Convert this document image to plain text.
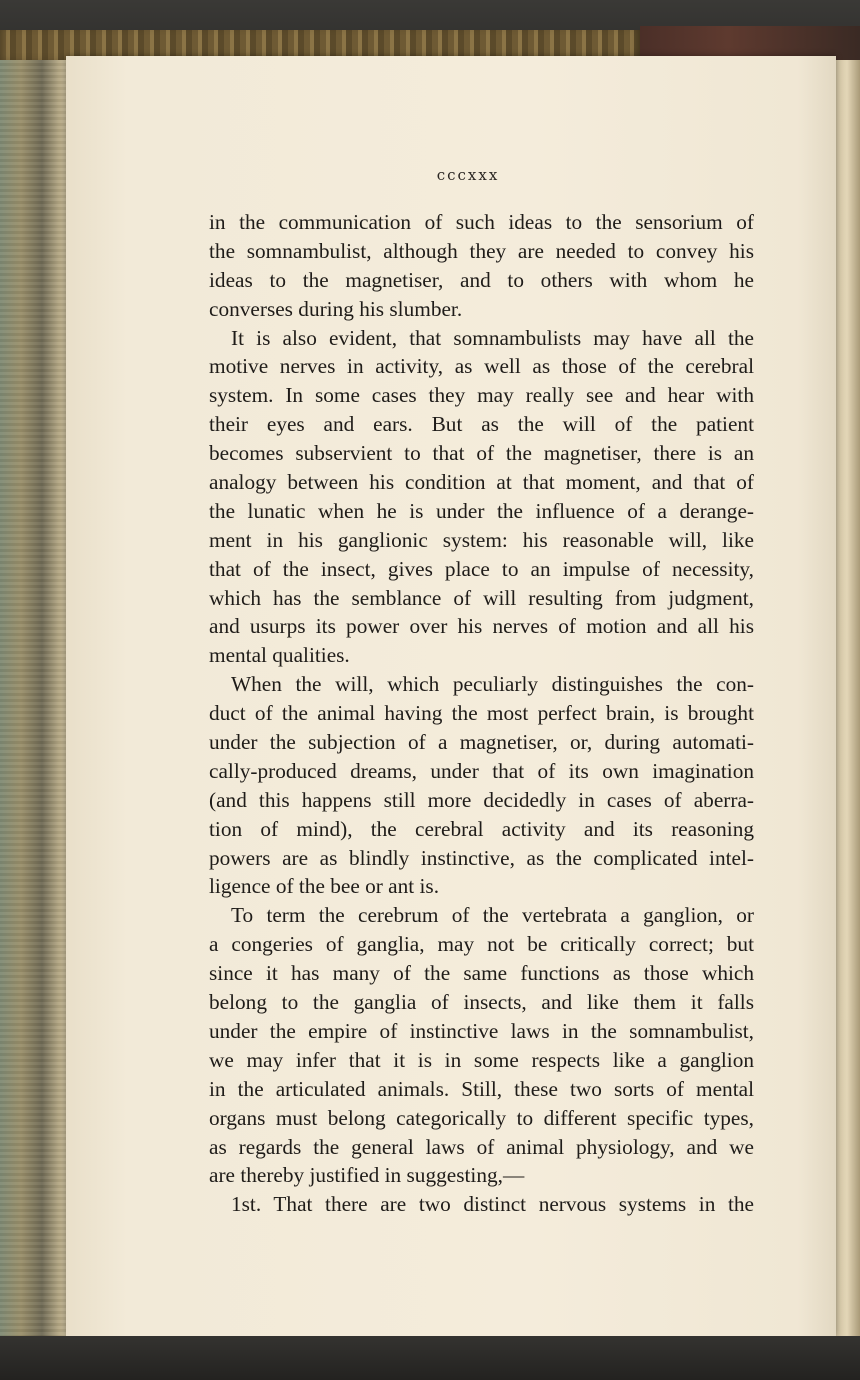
cccxxx
in the communication of such ideas to the sensorium of
the somnambulist, although they are needed to convey his
ideas to the magnetiser, and to others with whom he
converses during his slumber.
It is also evident, that somnambulists may have all the
motive nerves in activity, as well as those of the cerebral
system. In some cases they may really see and hear with
their eyes and ears. But as the will of the patient
becomes subservient to that of the magnetiser, there is an
analogy between his condition at that moment, and that of
the lunatic when he is under the influence of a derange-
ment in his ganglionic system: his reasonable will, like
that of the insect, gives place to an impulse of necessity,
which has the semblance of will resulting from judgment,
and usurps its power over his nerves of motion and all his
mental qualities.
When the will, which peculiarly distinguishes the con-
duct of the animal having the most perfect brain, is brought
under the subjection of a magnetiser, or, during automati-
cally-produced dreams, under that of its own imagination
(and this happens still more decidedly in cases of aberra-
tion of mind), the cerebral activity and its reasoning
powers are as blindly instinctive, as the complicated intel-
ligence of the bee or ant is.
To term the cerebrum of the vertebrata a ganglion, or
a congeries of ganglia, may not be critically correct; but
since it has many of the same functions as those which
belong to the ganglia of insects, and like them it falls
under the empire of instinctive laws in the somnambulist,
we may infer that it is in some respects like a ganglion
in the articulated animals. Still, these two sorts of mental
organs must belong categorically to different specific types,
as regards the general laws of animal physiology, and we
are thereby justified in suggesting,—
1st. That there are two distinct nervous systems in the
